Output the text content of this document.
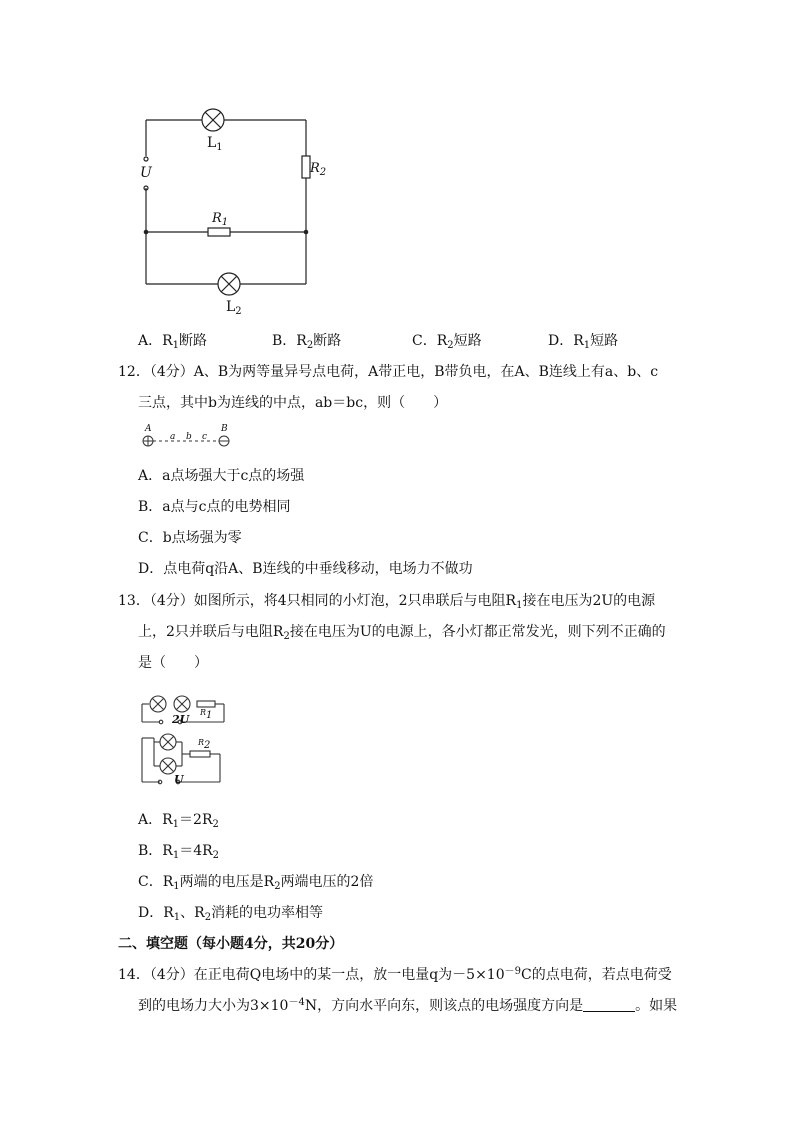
$L_1$
$R_2$
U
$R_1$
$L_2$
A．$R_1$断路	B．$R_2$断路	C．$R_2$短路	D．$R_1$短路
12．（4分）A、B为两等量异号点电荷，A带正电，B带负电，在A、B连线上有a、b、c
三点，其中b为连线的中点，ab＝bc，则（　　）
A
a b c
B
A．a点场强大于c点的场强
B．a点与c点的电势相同
C．b点场强为零
D．点电荷q沿A、B连线的中垂线移动，电场力不做功
13．（4分）如图所示，将4只相同的小灯泡，2只串联后与电阻$R_1$接在电压为2U的电源
上，2只并联后与电阻$R_2$接在电压为U的电源上，各小灯都正常发光，则下列不正确的
是（　　）
2U
$R_1$
$R_2$
U
A．$R_1=2R_2$
B．$R_1=4R_2$
C．$R_1$两端的电压是$R_2$两端电压的2倍
D．$R_1$、$R_2$消耗的电功率相等
二、填空题（每小题4分，共20分）
14．（4分）在正电荷Q电场中的某一点，放一电量q为$-5\times 10^{-9}C$的点电荷，若点电荷受
到的电场力大小为$3\times 10^{-4}N$，方向水平向东，则该点的电场强度方向是	。如果
